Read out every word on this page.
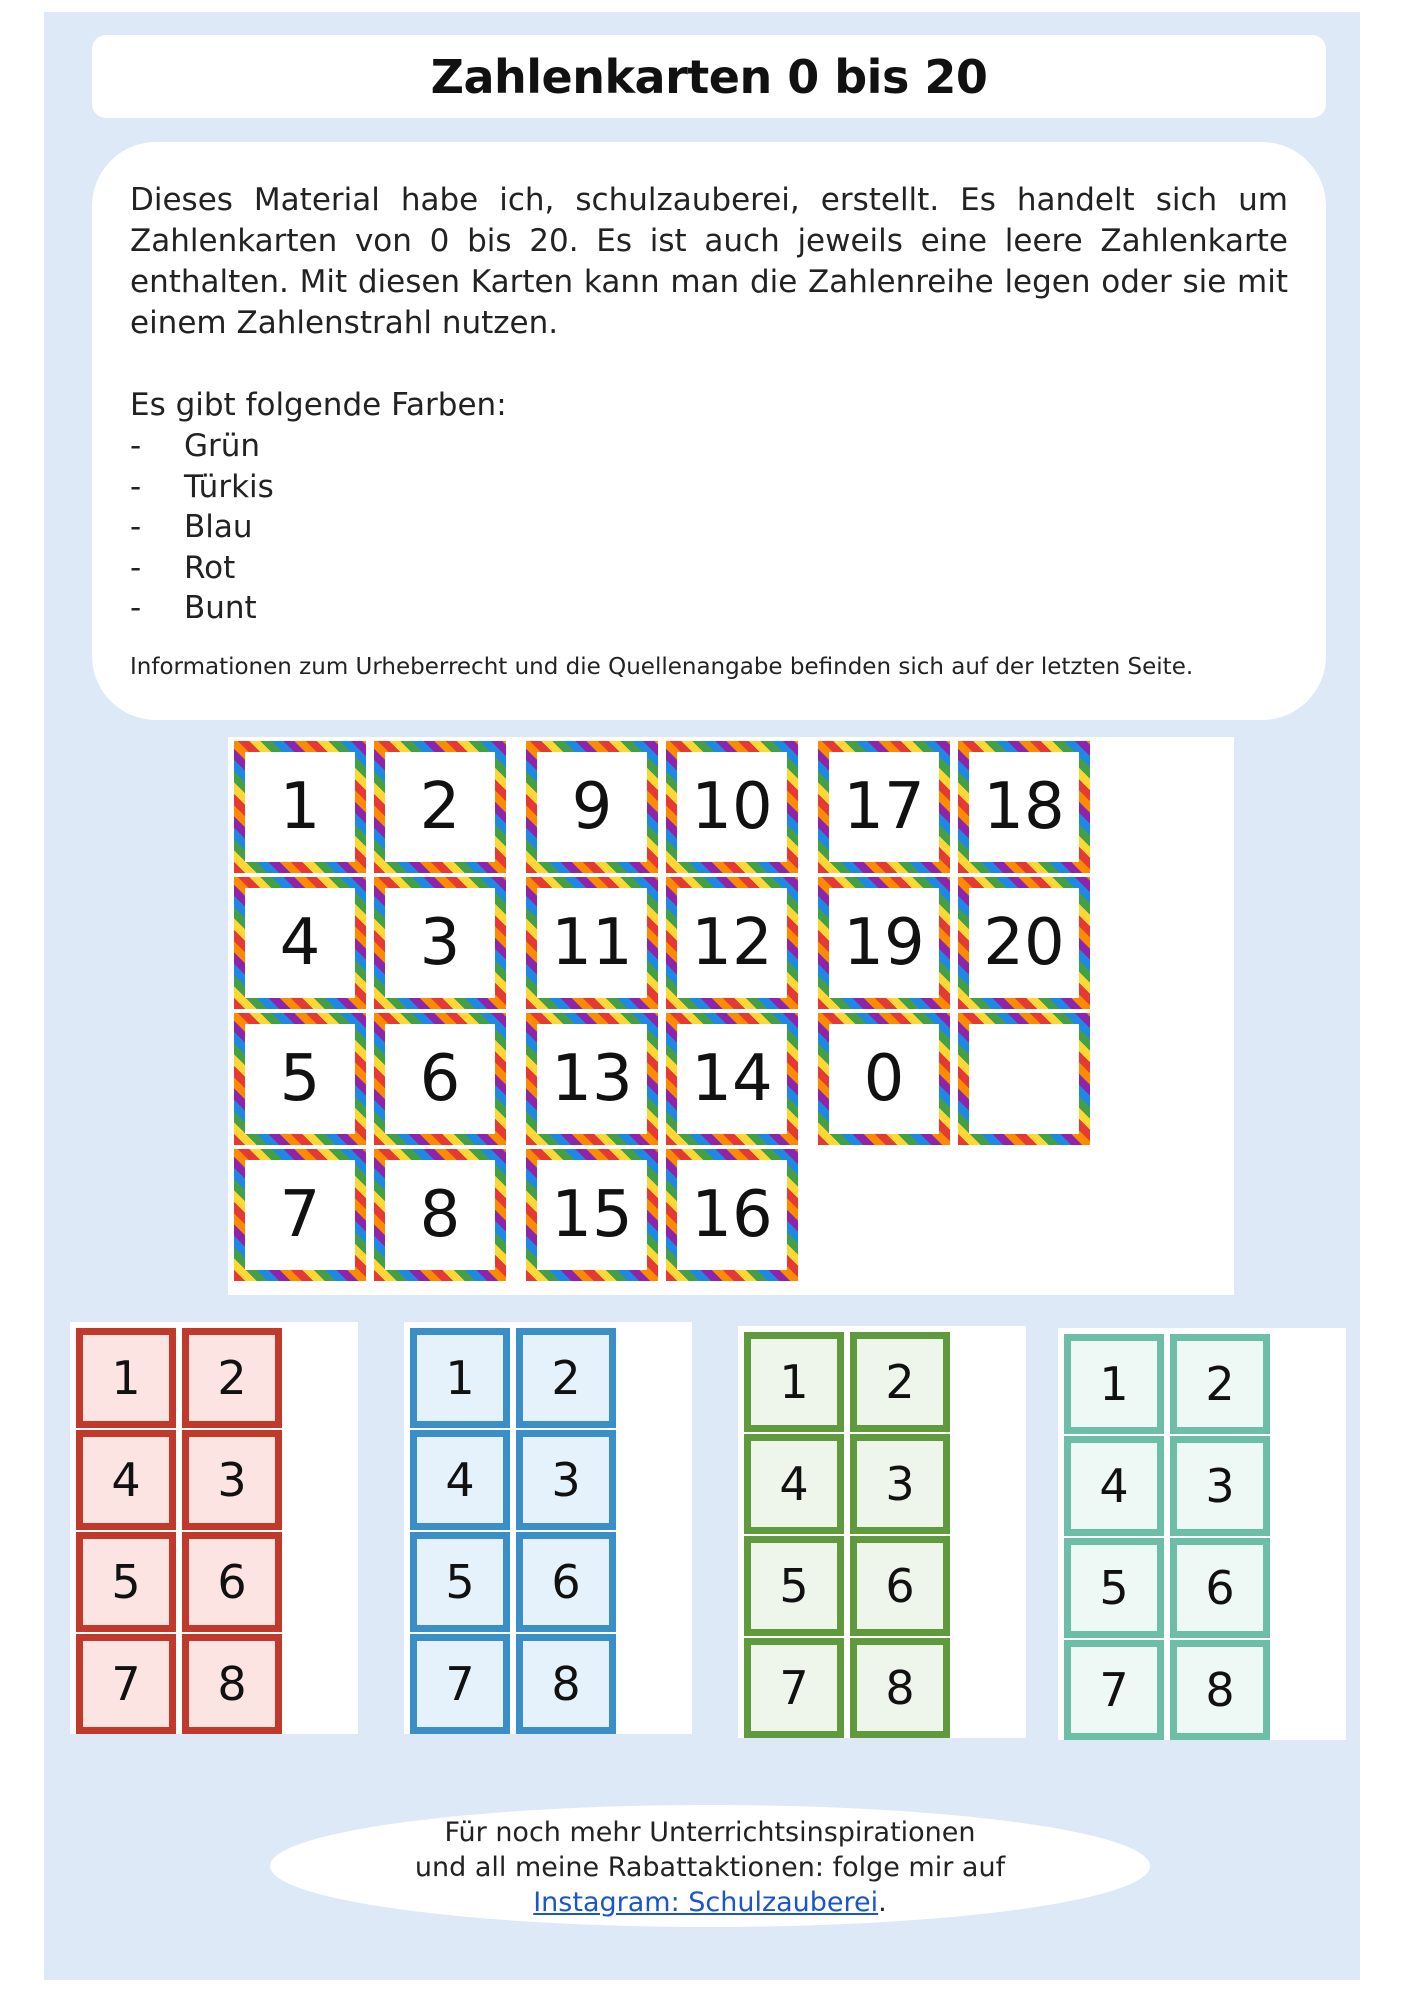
Zahlenkarten 0 bis 20

Dieses Material habe ich, schulzauberei, erstellt. Es handelt sich um Zahlenkarten von 0 bis 20. Es ist auch jeweils eine leere Zahlenkarte enthalten. Mit diesen Karten kann man die Zahlenreihe legen oder sie mit einem Zahlenstrahl nutzen.

Es gibt folgende Farben:

-	Grün
-	Türkis
-	Blau
-	Rot
-	Bunt

Informationen zum Urheberrecht und die Quellenangabe befinden sich auf der letzten Seite.

1 2 9 10 17 18
4 3 11 12 19 20
5 6 13 14 0
7 8 15 16
1 2
4 3
5 6
7 8
1 2
4 3
5 6
7 8
1 2
4 3
5 6
7 8
1 2
4 3
5 6
7 8

Für noch mehr Unterrichtsinspirationen

und all meine Rabattaktionen: folge mir auf

Instagram: Schulzauberei.
